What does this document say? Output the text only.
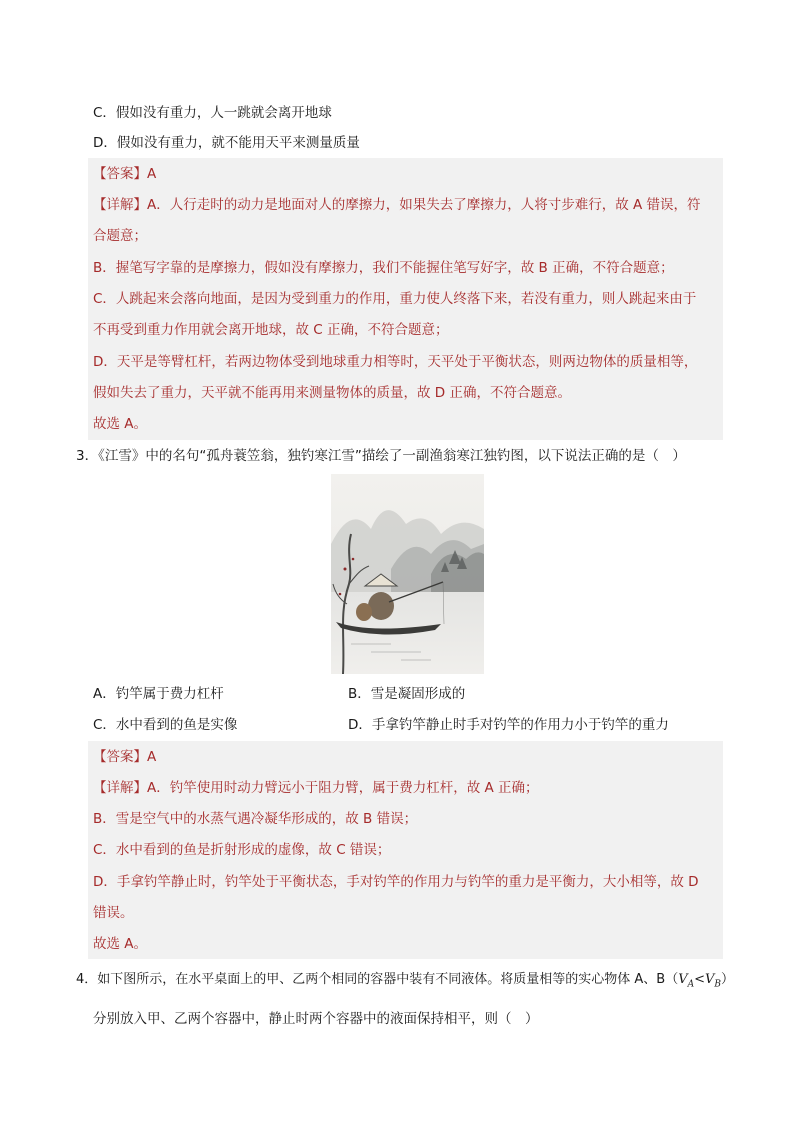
C．假如没有重力，人一跳就会离开地球
D．假如没有重力，就不能用天平来测量质量
【答案】A
【详解】A．人行走时的动力是地面对人的摩擦力，如果失去了摩擦力，人将寸步难行，故 A 错误，符
合题意；
B．握笔写字靠的是摩擦力，假如没有摩擦力，我们不能握住笔写好字，故 B 正确，不符合题意；
C．人跳起来会落向地面，是因为受到重力的作用，重力使人终落下来，若没有重力，则人跳起来由于
不再受到重力作用就会离开地球，故 C 正确，不符合题意；
D．天平是等臂杠杆，若两边物体受到地球重力相等时，天平处于平衡状态，则两边物体的质量相等，
假如失去了重力，天平就不能再用来测量物体的质量，故 D 正确，不符合题意。
故选 A。
3．《江雪》中的名句“孤舟蓑笠翁，独钓寒江雪”描绘了一副渔翁寒江独钓图，以下说法正确的是（　）
A．钓竿属于费力杠杆	B．雪是凝固形成的
C．水中看到的鱼是实像	D．手拿钓竿静止时手对钓竿的作用力小于钓竿的重力
【答案】A
【详解】A．钓竿使用时动力臂远小于阻力臂，属于费力杠杆，故 A 正确；
B．雪是空气中的水蒸气遇冷凝华形成的，故 B 错误；
C．水中看到的鱼是折射形成的虚像，故 C 错误；
D．手拿钓竿静止时，钓竿处于平衡状态，手对钓竿的作用力与钓竿的重力是平衡力，大小相等，故 D
错误。
故选 A。
4．如下图所示，在水平桌面上的甲、乙两个相同的容器中装有不同液体。将质量相等的实心物体 A、$B(V_A<V_B)$
分别放入甲、乙两个容器中，静止时两个容器中的液面保持相平，则（　）
